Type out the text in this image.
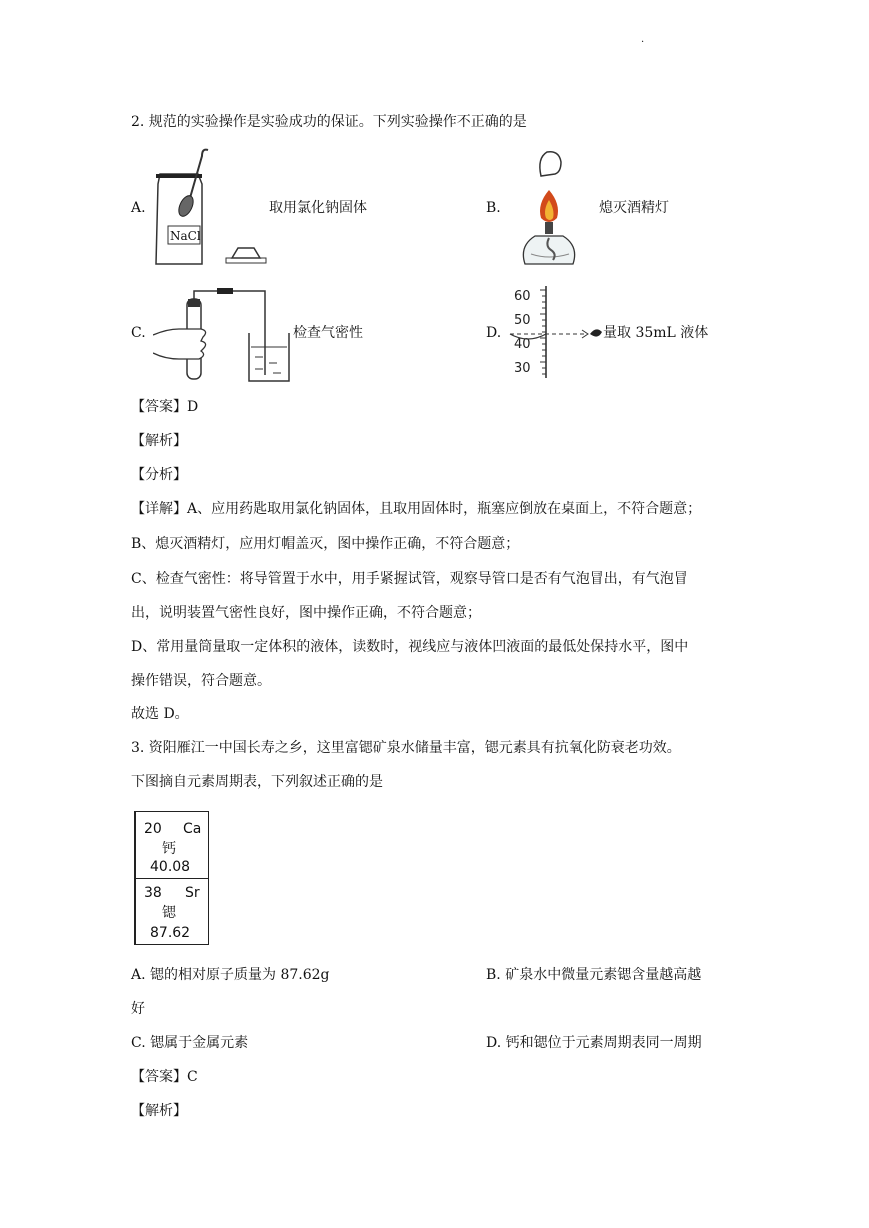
.
2. 规范的实验操作是实验成功的保证。下列实验操作不正确的是
A.
NaCl
取用氯化钠固体	B.	熄灭酒精灯
C.	检查气密性	D.
60
50
40
30
量取 35mL 液体
【答案】D
【解析】
【分析】
【详解】A、应用药匙取用氯化钠固体，且取用固体时，瓶塞应倒放在桌面上，不符合题意；
B、熄灭酒精灯，应用灯帽盖灭，图中操作正确，不符合题意；
C、检查气密性：将导管置于水中，用手紧握试管，观察导管口是否有气泡冒出，有气泡冒
出，说明装置气密性良好，图中操作正确，不符合题意；
D、常用量筒量取一定体积的液体，读数时，视线应与液体凹液面的最低处保持水平，图中
操作错误，符合题意。
故选 D。
3. 资阳雁江一中国长寿之乡，这里富锶矿泉水储量丰富，锶元素具有抗氧化防衰老功效。
下图摘自元素周期表，下列叙述正确的是
20 Ca
钙
40.08
38 Sr
锶
87.62
A. 锶的相对原子质量为 87.62g	B. 矿泉水中微量元素锶含量越高越
好
C. 锶属于金属元素	D. 钙和锶位于元素周期表同一周期
【答案】C
【解析】
